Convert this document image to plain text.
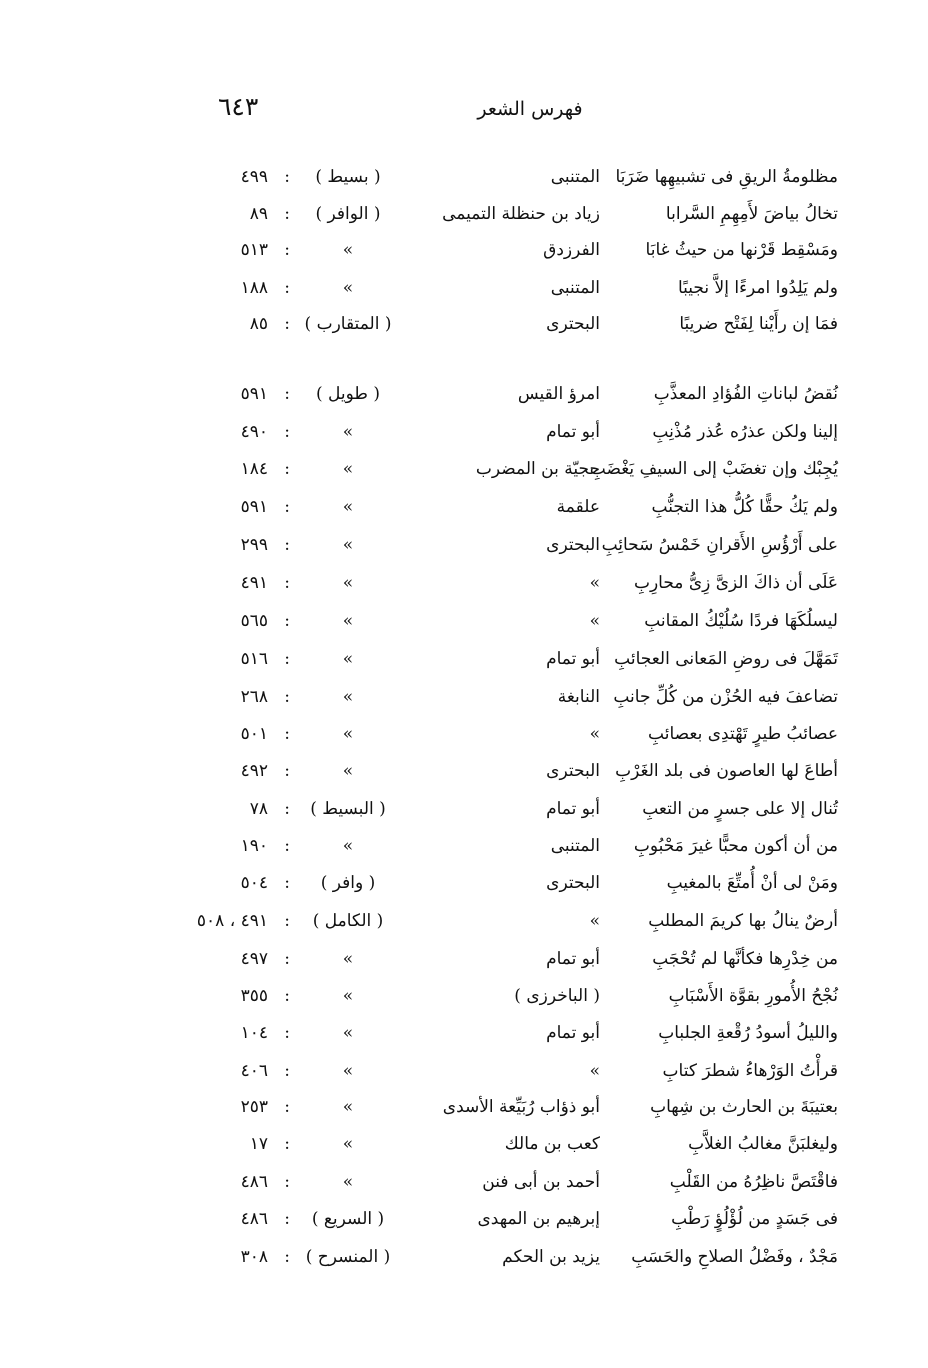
٦٤٣	فهرس الشعر
مظلومةُ الريقِ فى تشبيهِها ضَرَبَا
المتنبى
( بسيط )
٤٩٩ :
تخالُ بياضَ لأَمِهِمِ السَّرابا
زياد بن حنظلة التميمى
( الوافر )
٨٩ :
ومَسْقِط قَرْنها من حيثُ غابَا
الفرزدق
»
٥١٣ :
ولم يَلِدُوا امرءًا إلاَّ نجيبًا
المتنبى
»
١٨٨ :
فمَا إن رأَيْنا لِفَتْح ضريبًا
البحترى
( المتقارب )
٨٥ :
نُقضُ لباناتِ الفُؤادِ المعذَّبِ
امرؤ القيس
( طويل )
٥٩١ :
إلينا ولكن عذرُه عُذر مُذْنِبِ
أبو تمام
»
٤٩٠ :
يُجِبْك وإن تغضَبْ إلى السيفِ يَغْضَبِ
حجيّة بن المضرب
»
١٨٤ :
ولم يَكُ حقًّا كُلُّ هذا التجنُّبِ
علقمة
»
٥٩١ :
على أَرْؤُسِ الأَقرانِ خَمْسُ سَحائِبِ
البحترى
»
٢٩٩ :
عَلَى أن ذاكَ الزىَّ زِىُّ محارِبِ
»
»
٤٩١ :
ليسلُكَهَا فردًا سُلُيْكُ المقانبِ
»
»
٥٦٥ :
تَمَهَّلَ فى روضِ المَعانى العجائبِ
أبو تمام
»
٥١٦ :
تضاعفَ فيه الحُزْن من كُلِّ جانبِ
النابغة
»
٢٦٨ :
عصائبُ طيرٍ تَهْتدِى بعصائبِ
»
»
٥٠١ :
أطاعَ لها العاصون فى بلد الغَرْبِ
البحترى
»
٤٩٢ :
تُنال إلا على جسرٍ من التعبِ
أبو تمام
( البسيط )
٧٨ :
من أن أكون محبًّا غيرَ مَحْبُوبِ
المتنبى
»
١٩٠ :
ومَنْ لى أنْ أُمتِّعَ بالمغيبِ
البحترى
( وافر )
٥٠٤ :
أرضٌ ينالُ بها كريمَ المطلبِ
»
( الكامل )
٤٩١ ، ٥٠٨ :
من خِدْرِها فكأنَّها لم تُحْجَبِ
أبو تمام
»
٤٩٧ :
نُجْحُ الأُمورِ بقوَّة الأَسْبَابِ
( الباخرزى )
»
٣٥٥ :
والليلُ أسودُ رُقْعةِ الجلبابِ
أبو تمام
»
١٠٤ :
قرأْتُ الوَرْهاءُ شطرَ كتابِ
»
»
٤٠٦ :
بعتيبَةَ بن الحارث بن شِهابِ
أبو ذؤاب رُبَيِّعة الأسدى
»
٢٥٣ :
وليغلبَنَّ مغالبُ الغلاَّبِ
كعب بن مالك
»
١٧ :
فاقْتَصَّ ناظِرُهُ من القَلْبِ
أحمد بن أبى فنن
»
٤٨٦ :
فى جَسَدٍ من لُؤْلُؤٍ رَطْبِ
إبرهيم بن المهدى
( السريع )
٤٨٦ :
مَجْدٌ ، وفَضْلُ الصلاحِ والحَسَبِ
يزيد بن الحكم
( المنسرح )
٣٠٨ :
